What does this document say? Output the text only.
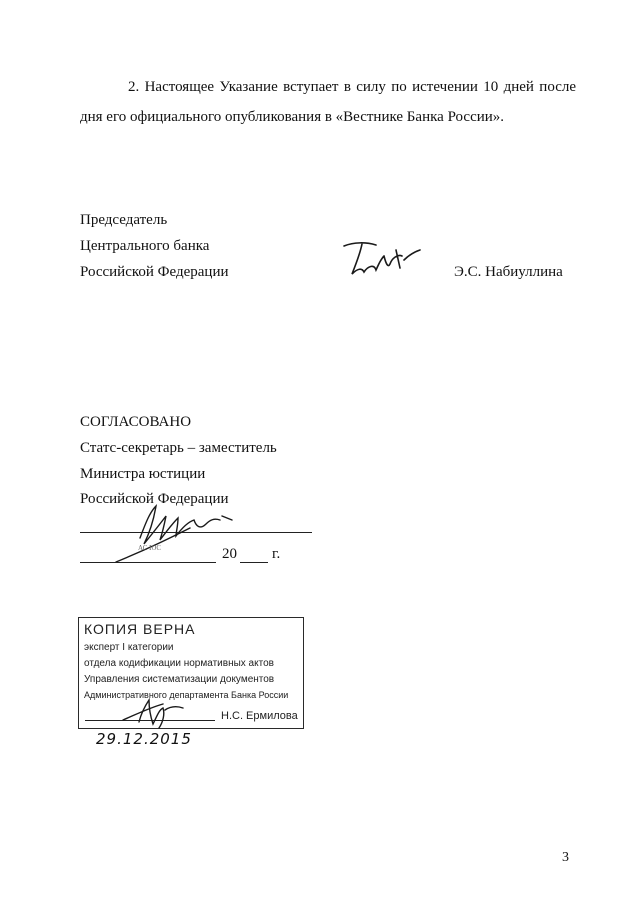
2. Настоящее Указание вступает в силу по истечении 10 дней после
дня его официального опубликования в «Вестнике Банка России».
Председатель
Центрального банка
Российской Федерации	Э.С. Набиуллина
СОГЛАСОВАНО
Статс-секретарь – заместитель
Министра юстиции
Российской Федерации
АС ЮС	20 г.
КОПИЯ ВЕРНА
эксперт I категории
отдела кодификации нормативных актов
Управления систематизации документов
Административного департамента Банка России
Н.С. Ермилова
29.12.2015
3
